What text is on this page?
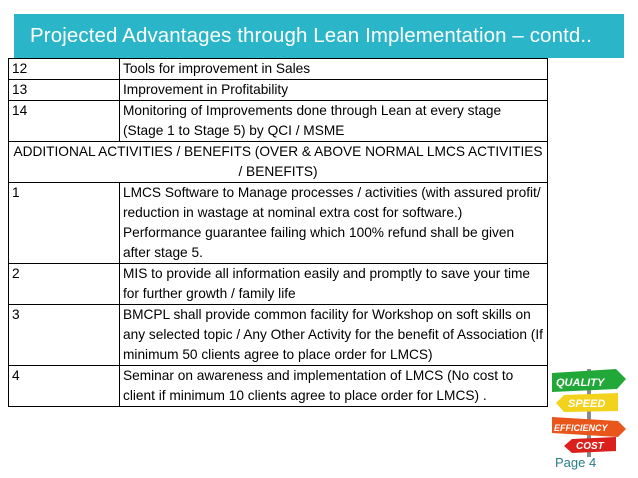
Projected Advantages through Lean Implementation – contd..
12	Tools for improvement in Sales
13	Improvement in Profitability
14	Monitoring of Improvements done through Lean at every stage (Stage 1 to Stage 5) by QCI / MSME
ADDITIONAL ACTIVITIES / BENEFITS (OVER & ABOVE NORMAL LMCS ACTIVITIES / BENEFITS)	
1	LMCS Software to Manage processes / activities (with assured profit/ reduction in wastage at nominal extra cost for software.) Performance guarantee failing which 100% refund shall be given after stage 5.
2	MIS to provide all information easily and promptly to save your time for further growth / family life
3	BMCPL shall provide common facility for Workshop on soft skills on any selected topic / Any Other Activity for the benefit of Association (If minimum 50 clients agree to place order for LMCS)
4	Seminar on awareness and implementation of LMCS (No cost to client if minimum 10 clients agree to place order for LMCS) .
QUALITY
SPEED
EFFICIENCY
COST
Page 4
